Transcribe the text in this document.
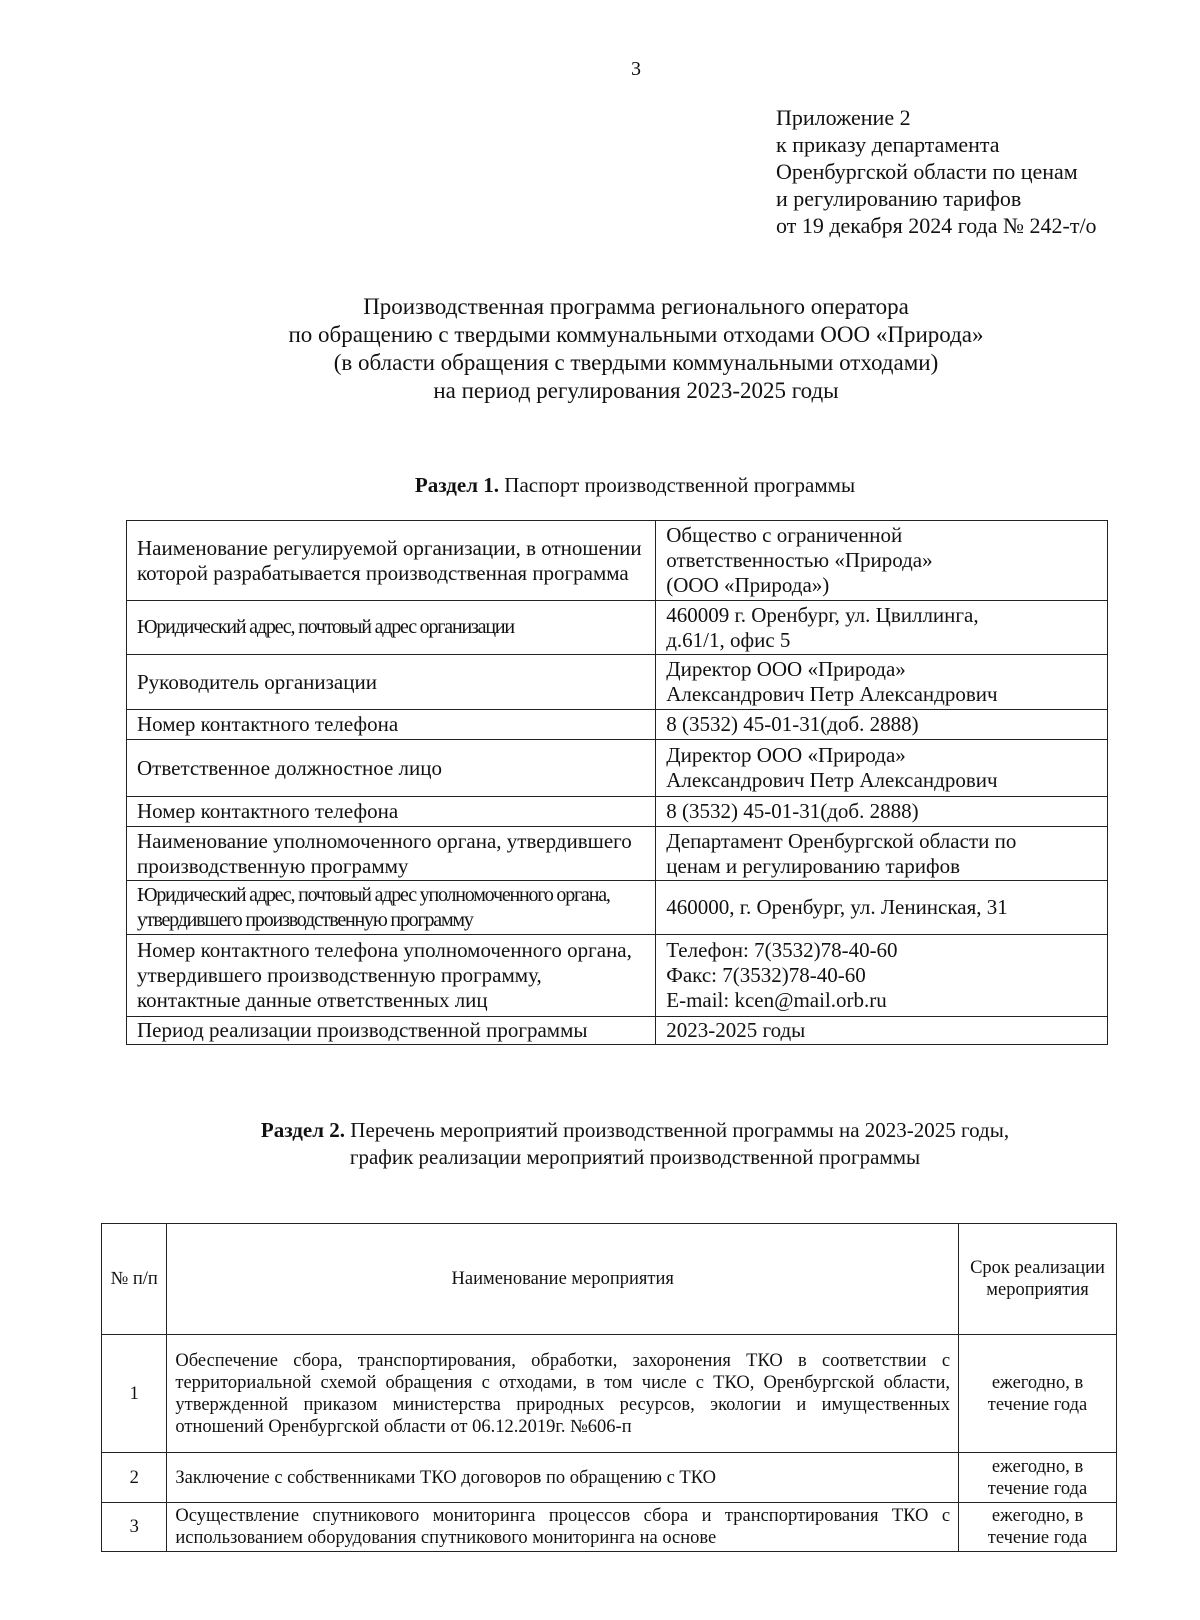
3
Приложение 2
к приказу департамента
Оренбургской области по ценам
и регулированию тарифов
от 19 декабря 2024 года № 242-т/о
Производственная программа регионального оператора
по обращению с твердыми коммунальными отходами ООО «Природа»
(в области обращения с твердыми коммунальными отходами)
на период регулирования 2023-2025 годы
Раздел 1. Паспорт производственной программы
Наименование регулируемой организации, в отношении которой разрабатывается производственная программа	Общество с ограниченной
ответственностью «Природа»
(ООО «Природа»)

Юридический адрес, почтовый адрес организации	460009 г. Оренбург, ул. Цвиллинга,
д.61/1, офис 5

Руководитель организации	Директор ООО «Природа»
Александрович Петр Александрович

Номер контактного телефона	8 (3532) 45-01-31(доб. 2888)

Ответственное должностное лицо	Директор ООО «Природа»
Александрович Петр Александрович

Номер контактного телефона	8 (3532) 45-01-31(доб. 2888)

Наименование уполномоченного органа, утвердившего производственную программу	Департамент Оренбургской области по
ценам и регулированию тарифов

Юридический адрес, почтовый адрес уполномоченного органа, утвердившего производственную программу	460000, г. Оренбург, ул. Ленинская, 31

Номер контактного телефона уполномоченного органа, утвердившего производственную программу, контактные данные ответственных лиц	Телефон: 7(3532)78-40-60
Факс: 7(3532)78-40-60
E-mail: kcen@mail.orb.ru

Период реализации производственной программы	2023-2025 годы
Раздел 2. Перечень мероприятий производственной программы на 2023-2025 годы,
график реализации мероприятий производственной программы
№ п/п	Наименование мероприятия	Срок реализации мероприятия
1	Обеспечение сбора, транспортирования, обработки, захоронения ТКО в соответствии с территориальной схемой обращения с отходами, в том числе с ТКО, Оренбургской области, утвержденной приказом министерства природных ресурсов, экологии и имущественных отношений Оренбургской области от 06.12.2019г. №606-п	ежегодно, в течение года
2	Заключение с собственниками ТКО договоров по обращению с ТКО	ежегодно, в течение года
3	Осуществление спутникового мониторинга процессов сбора и транспортирования ТКО с использованием оборудования спутникового мониторинга на основе	ежегодно, в течение года
